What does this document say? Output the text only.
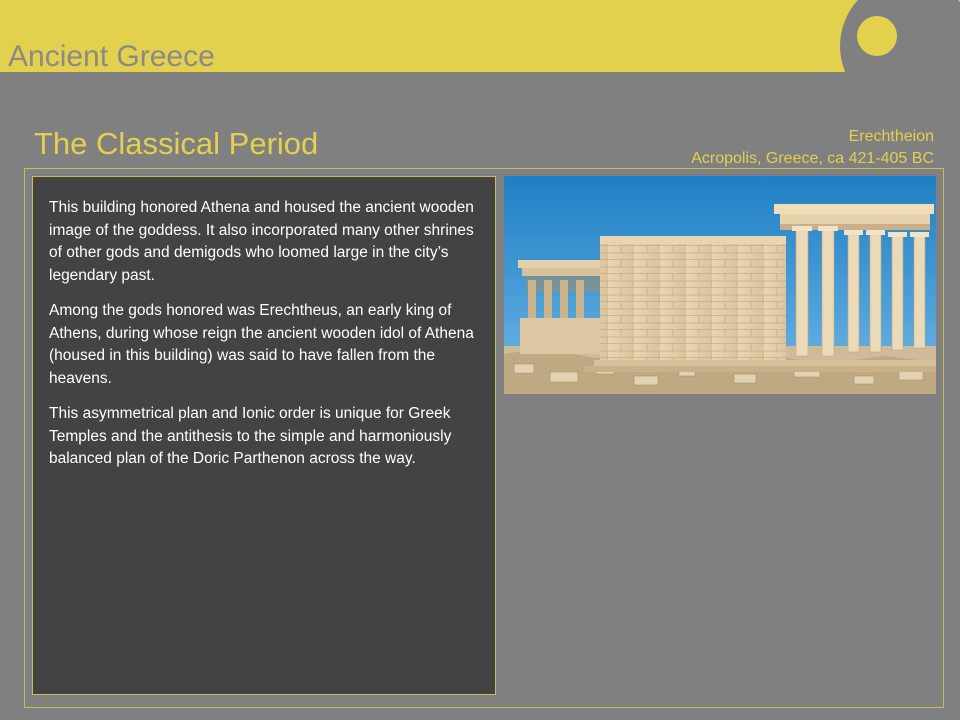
Ancient Greece
The Classical Period	Erechtheion
Acropolis, Greece, ca 421-405 BC

This building honored Athena and housed the ancient wooden image of the goddess. It also incorporated many other shrines of other gods and demigods who loomed large in the city’s legendary past.

Among the gods honored was Erechtheus, an early king of Athens, during whose reign the ancient wooden idol of Athena (housed in this building) was said to have fallen from the heavens.

This asymmetrical plan and Ionic order is unique for Greek Temples and the antithesis to the simple and harmoniously balanced plan of the Doric Parthenon across the way.
